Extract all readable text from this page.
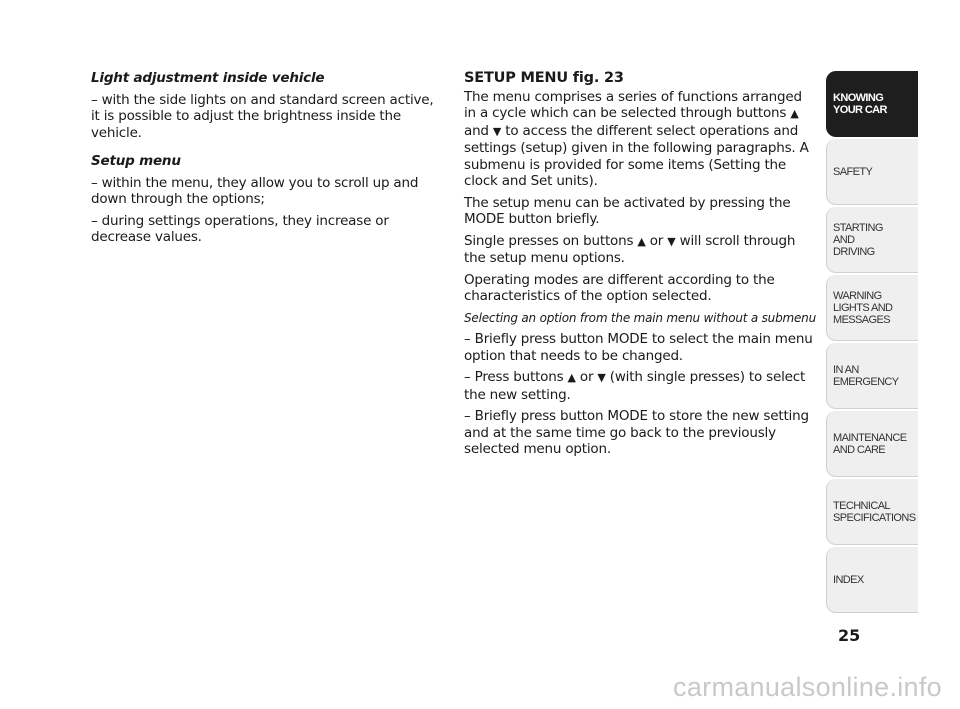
Light adjustment inside vehicle

– with the side lights on and standard screen active, it is possible to adjust the brightness inside the vehicle.

Setup menu

– within the menu, they allow you to scroll up and down through the options;

– during settings operations, they increase or decrease values.

SETUP MENU fig. 23

The menu comprises a series of functions arranged in a cycle which can be selected through buttons ▲ and ▼ to access the different select operations and settings (setup) given in the following paragraphs. A submenu is provided for some items (Setting the clock and Set units).

The setup menu can be activated by pressing the MODE button briefly.

Single presses on buttons ▲ or ▼ will scroll through the setup menu options.

Operating modes are different according to the characteristics of the option selected.

Selecting an option from the main menu without a submenu

– Briefly press button MODE to select the main menu option that needs to be changed.

– Press buttons ▲ or ▼ (with single presses) to select the new setting.

– Briefly press button MODE to store the new setting and at the same time go back to the previously selected menu option.

KNOWING
YOUR CAR
SAFETY
STARTING
AND
DRIVING
WARNING
LIGHTS AND
MESSAGES
IN AN
EMERGENCY
MAINTENANCE
AND CARE
TECHNICAL
SPECIFICATIONS
INDEX
25
carmanualsonline.info
